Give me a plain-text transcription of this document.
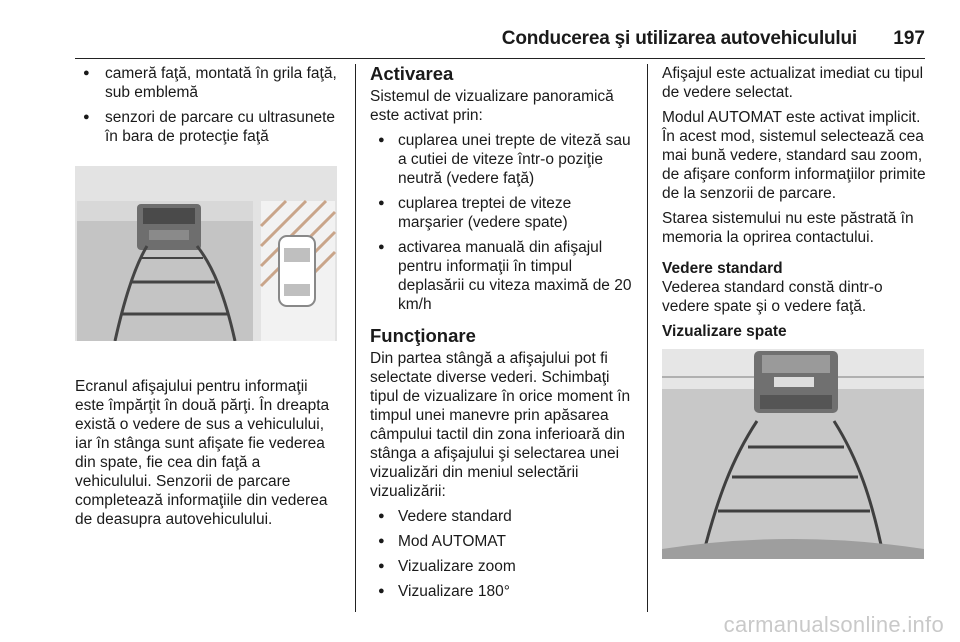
Conducerea şi utilizarea autovehiculului 197
● cameră faţă, montată în grila faţă, sub emblemă
● senzori de parcare cu ultrasunete în bara de protecţie faţă

Ecranul afişajului pentru informaţii este împărţit în două părţi. În dreapta există o vedere de sus a vehiculului, iar în stânga sunt afişate fie vederea din spate, fie cea din faţă a vehiculului. Senzorii de parcare completează informaţiile din vederea de deasupra autovehiculului.

Activarea

Sistemul de vizualizare panoramică este activat prin:

● cuplarea unei trepte de viteză sau a cutiei de viteze într-o poziţie neutră (vedere faţă)
● cuplarea treptei de viteze marşarier (vedere spate)
● activarea manuală din afişajul pentru informaţii în timpul deplasării cu viteza maximă de 20 km/h
Funcţionare

Din partea stângă a afişajului pot fi selectate diverse vederi. Schimbaţi tipul de vizualizare în orice moment în timpul unei manevre prin apăsarea câmpului tactil din zona inferioară din stânga a afişajului şi selectarea unei vizualizări din meniul selectării vizualizării:

● Vedere standard
● Mod AUTOMAT
● Vizualizare zoom
● Vizualizare 180°

Afişajul este actualizat imediat cu tipul de vedere selectat.

Modul AUTOMAT este activat implicit. În acest mod, sistemul selectează cea mai bună vedere, standard sau zoom, de afişare conform informaţiilor primite de la senzorii de parcare.

Starea sistemului nu este păstrată în memoria la oprirea contactului.

Vedere standard

Vederea standard constă dintr-o vedere spate şi o vedere faţă.

Vizualizare spate
carmanualsonline.info
